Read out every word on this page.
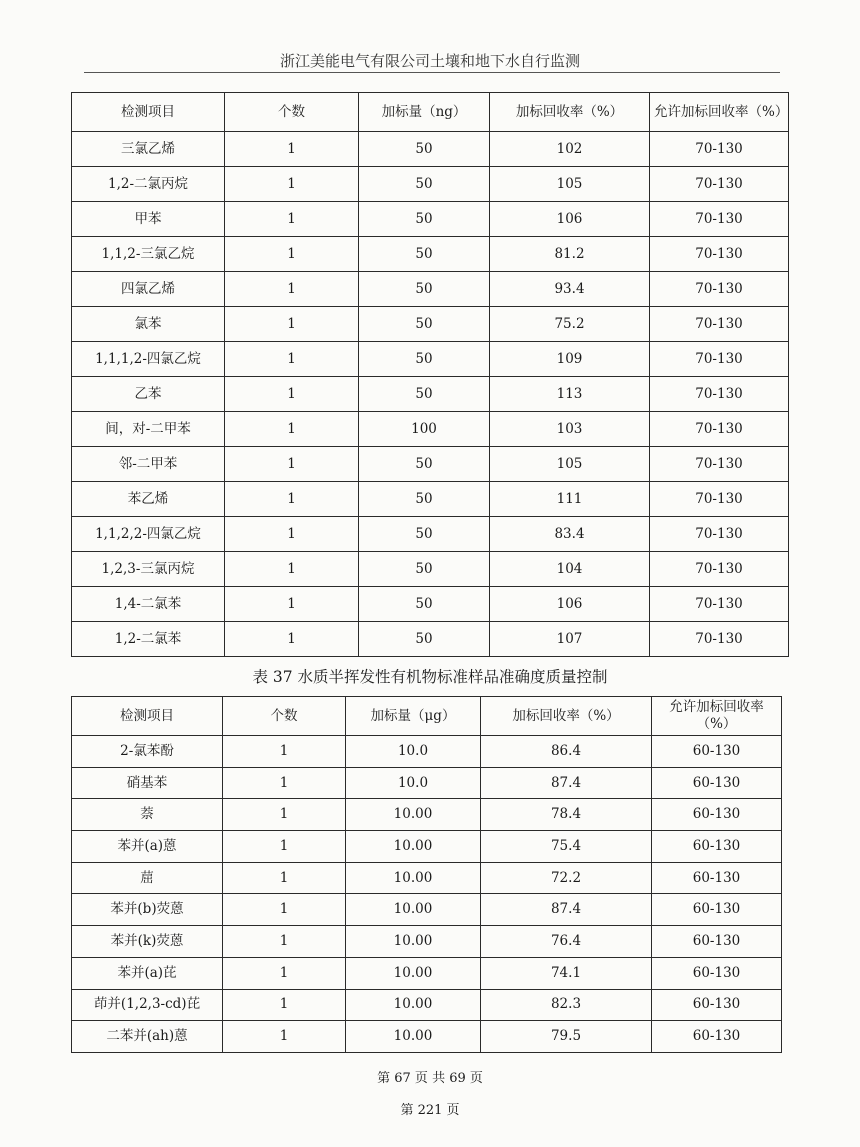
浙江美能电气有限公司土壤和地下水自行监测
检测项目	个数	加标量（ng）	加标回收率（%）	允许加标回收率（%）
三氯乙烯	1	50	102	70-130
1,2-二氯丙烷	1	50	105	70-130
甲苯	1	50	106	70-130
1,1,2-三氯乙烷	1	50	81.2	70-130
四氯乙烯	1	50	93.4	70-130
氯苯	1	50	75.2	70-130
1,1,1,2-四氯乙烷	1	50	109	70-130
乙苯	1	50	113	70-130
间，对-二甲苯	1	100	103	70-130
邻-二甲苯	1	50	105	70-130
苯乙烯	1	50	111	70-130
1,1,2,2-四氯乙烷	1	50	83.4	70-130
1,2,3-三氯丙烷	1	50	104	70-130
1,4-二氯苯	1	50	106	70-130
1,2-二氯苯	1	50	107	70-130
表 37 水质半挥发性有机物标准样品准确度质量控制
检测项目	个数	加标量（μg）	加标回收率（%）	允许加标回收率（%）
2-氯苯酚	1	10.0	86.4	60-130
硝基苯	1	10.0	87.4	60-130
萘	1	10.00	78.4	60-130
苯并(a)蒽	1	10.00	75.4	60-130
䓛	1	10.00	72.2	60-130
苯并(b)荧蒽	1	10.00	87.4	60-130
苯并(k)荧蒽	1	10.00	76.4	60-130
苯并(a)芘	1	10.00	74.1	60-130
茚并(1,2,3-cd)芘	1	10.00	82.3	60-130
二苯并(ah)蒽	1	10.00	79.5	60-130
第 67 页 共 69 页
第 221 页
